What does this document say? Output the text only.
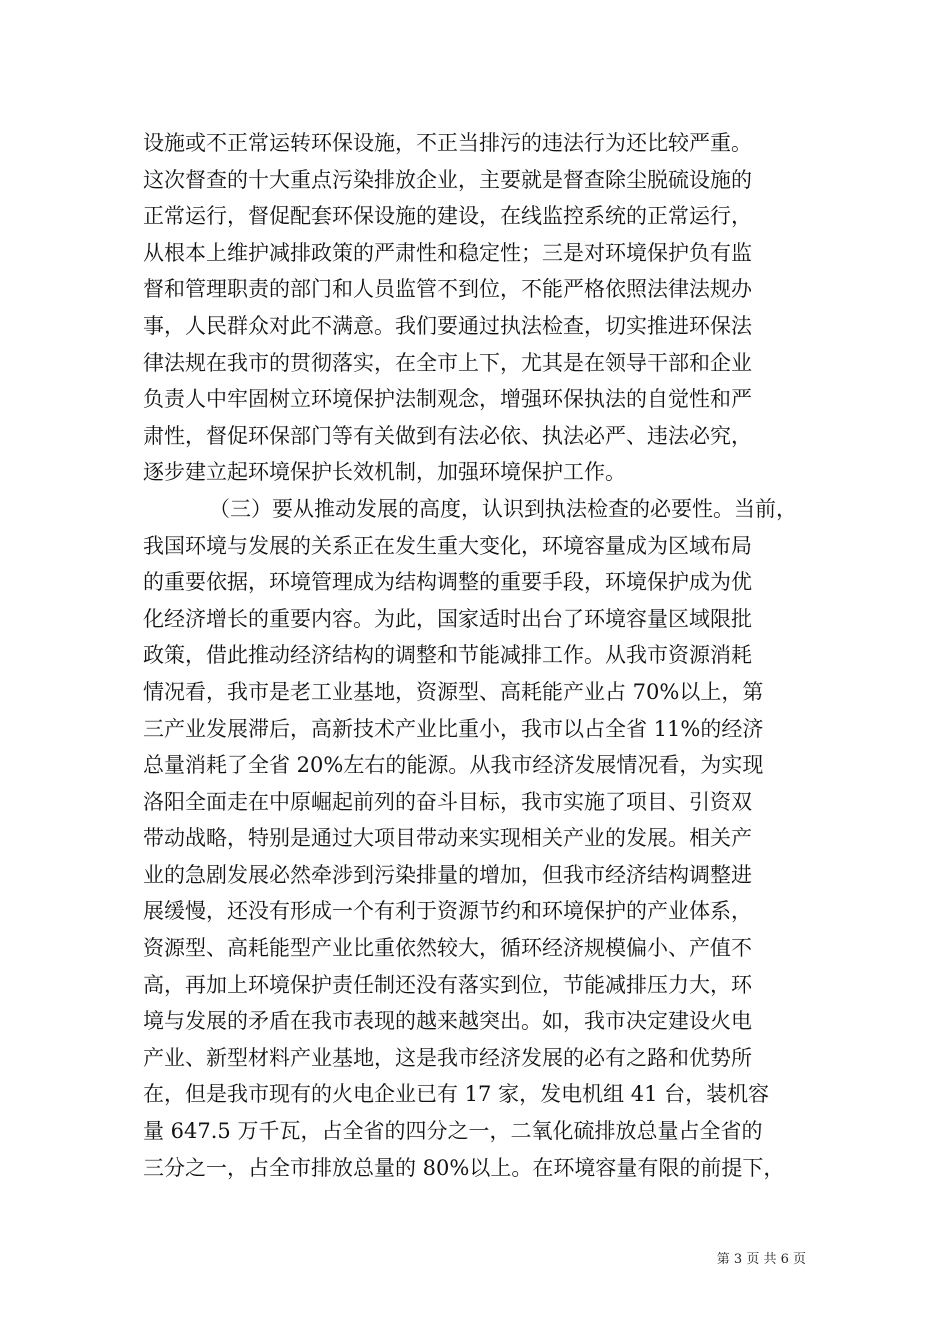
设施或不正常运转环保设施，不正当排污的违法行为还比较严重。
这次督查的十大重点污染排放企业，主要就是督查除尘脱硫设施的
正常运行，督促配套环保设施的建设，在线监控系统的正常运行，
从根本上维护减排政策的严肃性和稳定性；三是对环境保护负有监
督和管理职责的部门和人员监管不到位，不能严格依照法律法规办
事，人民群众对此不满意。我们要通过执法检查，切实推进环保法
律法规在我市的贯彻落实，在全市上下，尤其是在领导干部和企业
负责人中牢固树立环境保护法制观念，增强环保执法的自觉性和严
肃性，督促环保部门等有关做到有法必依、执法必严、违法必究，
逐步建立起环境保护长效机制，加强环境保护工作。
（三）要从推动发展的高度，认识到执法检查的必要性。当前，
我国环境与发展的关系正在发生重大变化，环境容量成为区域布局
的重要依据，环境管理成为结构调整的重要手段，环境保护成为优
化经济增长的重要内容。为此，国家适时出台了环境容量区域限批
政策，借此推动经济结构的调整和节能减排工作。从我市资源消耗
情况看，我市是老工业基地，资源型、高耗能产业占 70%以上，第
三产业发展滞后，高新技术产业比重小，我市以占全省 11%的经济
总量消耗了全省 20%左右的能源。从我市经济发展情况看，为实现
洛阳全面走在中原崛起前列的奋斗目标，我市实施了项目、引资双
带动战略，特别是通过大项目带动来实现相关产业的发展。相关产
业的急剧发展必然牵涉到污染排量的增加，但我市经济结构调整进
展缓慢，还没有形成一个有利于资源节约和环境保护的产业体系，
资源型、高耗能型产业比重依然较大，循环经济规模偏小、产值不
高，再加上环境保护责任制还没有落实到位，节能减排压力大，环
境与发展的矛盾在我市表现的越来越突出。如，我市决定建设火电
产业、新型材料产业基地，这是我市经济发展的必有之路和优势所
在，但是我市现有的火电企业已有 17 家，发电机组 41 台，装机容
量 647.5 万千瓦，占全省的四分之一，二氧化硫排放总量占全省的
三分之一，占全市排放总量的 80%以上。在环境容量有限的前提下，
第 3 页 共 6 页
